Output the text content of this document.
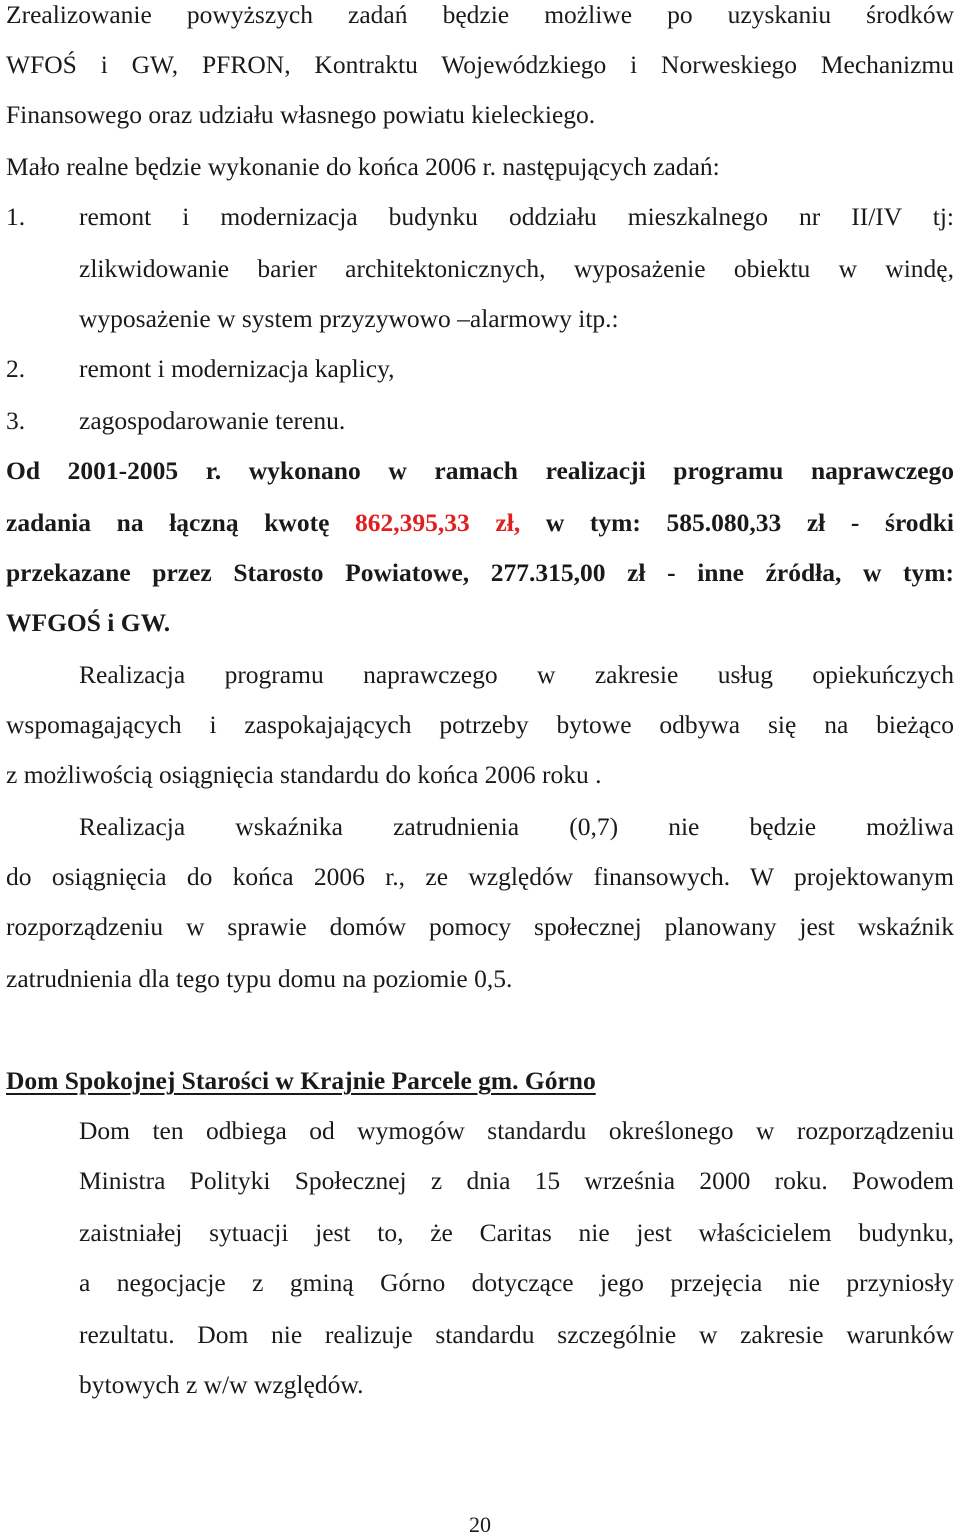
Zrealizowanie powyższych zadań będzie możliwe po uzyskaniu środków
WFOŚ i GW, PFRON, Kontraktu Wojewódzkiego i Norweskiego Mechanizmu
Finansowego oraz udziału własnego powiatu kieleckiego.
Mało realne będzie wykonanie do końca 2006 r. następujących zadań:
1. remont i modernizacja budynku oddziału mieszkalnego nr II/IV tj:
zlikwidowanie barier architektonicznych, wyposażenie obiektu w windę,
wyposażenie w system przyzywowo –alarmowy itp.:
2. remont i modernizacja kaplicy,
3. zagospodarowanie terenu.
Od 2001-2005 r. wykonano w ramach realizacji programu naprawczego
zadania na łączną kwotę 862,395,33 zł, w tym: 585.080,33 zł - środki
przekazane przez Starosto Powiatowe, 277.315,00 zł - inne źródła, w tym:
WFGOŚ i GW.
Realizacja programu naprawczego w zakresie usług opiekuńczych
wspomagających i zaspokajających potrzeby bytowe odbywa się na bieżąco
z możliwością osiągnięcia standardu do końca 2006 roku .
Realizacja wskaźnika zatrudnienia (0,7) nie będzie możliwa
do osiągnięcia do końca 2006 r., ze względów finansowych. W projektowanym
rozporządzeniu w sprawie domów pomocy społecznej planowany jest wskaźnik
zatrudnienia dla tego typu domu na poziomie 0,5.
Dom Spokojnej Starości w Krajnie Parcele gm. Górno
Dom ten odbiega od wymogów standardu określonego w rozporządzeniu
Ministra Polityki Społecznej z dnia 15 września 2000 roku. Powodem
zaistniałej sytuacji jest to, że Caritas nie jest właścicielem budynku,
a negocjacje z gminą Górno dotyczące jego przejęcia nie przyniosły
rezultatu. Dom nie realizuje standardu szczególnie w zakresie warunków
bytowych z w/w względów.
20
